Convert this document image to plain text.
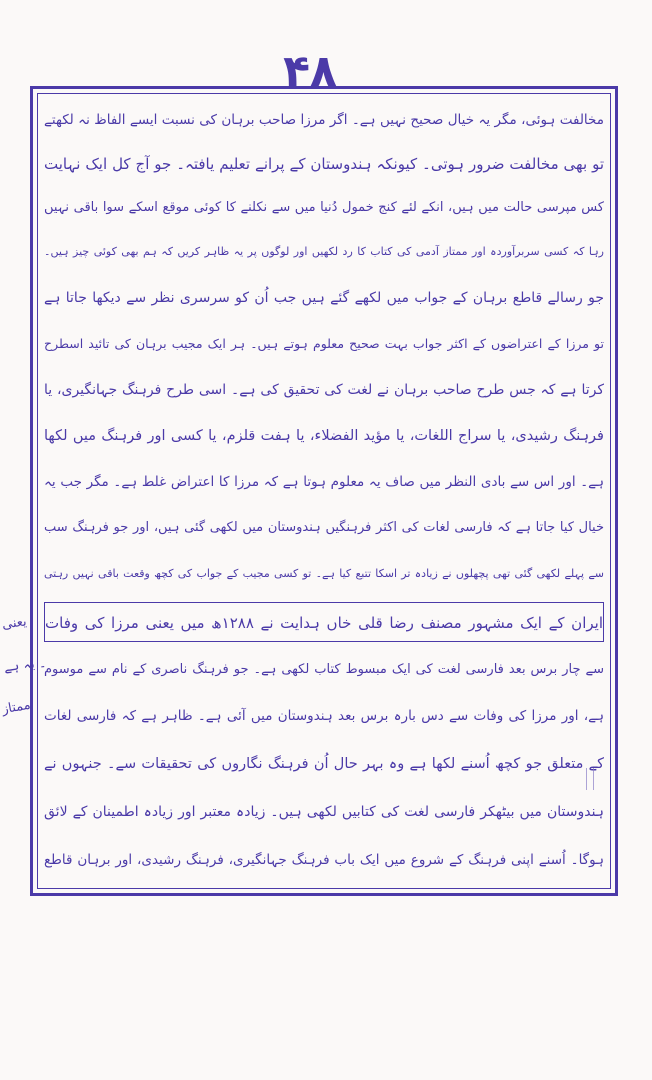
۴۸
مخالفت ہوئی، مگر یہ خیال صحیح نہیں ہے۔ اگر مرزا صاحب برہان کی نسبت ایسے الفاظ نہ لکھتے
تو بھی مخالفت ضرور ہوتی۔ کیونکہ ہندوستان کے پرانے تعلیم یافتہ۔ جو آج کل ایک نہایت
کس مپرسی حالت میں ہیں، انکے لئے کنج خمول دُنیا میں سے نکلنے کا کوئی موقع اسکے سوا باقی نہیں
رہا کہ کسی سربرآوردہ اور ممتاز آدمی کی کتاب کا رد لکھیں اور لوگوں پر یہ ظاہر کریں کہ ہم بھی کوئی چیز ہیں۔
جو رسالے قاطع برہان کے جواب میں لکھے گئے ہیں جب اُن کو سرسری نظر سے دیکھا جاتا ہے
تو مرزا کے اعتراضوں کے اکثر جواب بہت صحیح معلوم ہوتے ہیں۔ ہر ایک مجیب برہان کی تائید اسطرح
کرتا ہے کہ جس طرح صاحب برہان نے لغت کی تحقیق کی ہے۔ اسی طرح فرہنگ جہانگیری، یا
فرہنگ رشیدی، یا سراج اللغات، یا مؤید الفضلاء، یا ہفت قلزم، یا کسی اور فرہنگ میں لکھا
ہے۔ اور اس سے بادی النظر میں صاف یہ معلوم ہوتا ہے کہ مرزا کا اعتراض غلط ہے۔ مگر جب یہ
خیال کیا جاتا ہے کہ فارسی لغات کی اکثر فرہنگیں ہندوستان میں لکھی گئی ہیں، اور جو فرہنگ سب
سے پہلے لکھی گئی تھی پچھلوں نے زیادہ تر اسکا تتبع کیا ہے۔ تو کسی مجیب کے جواب کی کچھ وقعت باقی نہیں رہتی
ایران کے ایک مشہور مصنف رضا قلی خاں ہدایت نے ۱۲۸۸ھ میں یعنی مرزا کی وفات
سے چار برس بعد فارسی لغت کی ایک مبسوط کتاب لکھی ہے۔ جو فرہنگ ناصری کے نام سے موسوم
ہے، اور مرزا کی وفات سے دس بارہ برس بعد ہندوستان میں آئی ہے۔ ظاہر ہے کہ فارسی لغات
کے متعلق جو کچھ اُسنے لکھا ہے وہ بہر حال اُن فرہنگ نگاروں کی تحقیقات سے۔ جنہوں نے
ہندوستان میں بیٹھکر فارسی لغت کی کتابیں لکھی ہیں۔ زیادہ معتبر اور زیادہ اطمینان کے لائق
ہوگا۔ اُسنے اپنی فرہنگ کے شروع میں ایک باب فرہنگ جہانگیری، فرہنگ رشیدی، اور برہان قاطع
یعنی
۔ یہ ہے
ممتاز
